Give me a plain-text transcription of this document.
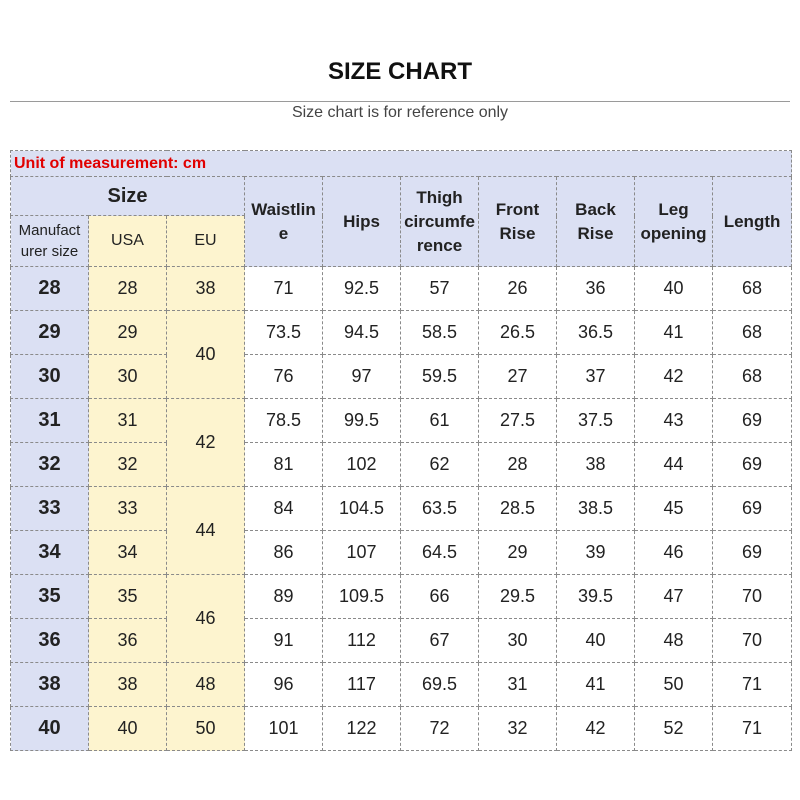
SIZE CHART
Size chart is for reference only
Unit of measurement: cm									
Size			Waistlin e	Hips	Thigh circumfe rence	Front Rise	Back Rise	Leg opening	Length
Manufact urer size	USA	EU							
28	28	38	71	92.5	57	26	36	40	68
29	29	40	73.5	94.5	58.5	26.5	36.5	41	68
30	30		76	97	59.5	27	37	42	68
31	31	42	78.5	99.5	61	27.5	37.5	43	69
32	32		81	102	62	28	38	44	69
33	33	44	84	104.5	63.5	28.5	38.5	45	69
34	34		86	107	64.5	29	39	46	69
35	35	46	89	109.5	66	29.5	39.5	47	70
36	36		91	112	67	30	40	48	70
38	38	48	96	117	69.5	31	41	50	71
40	40	50	101	122	72	32	42	52	71
